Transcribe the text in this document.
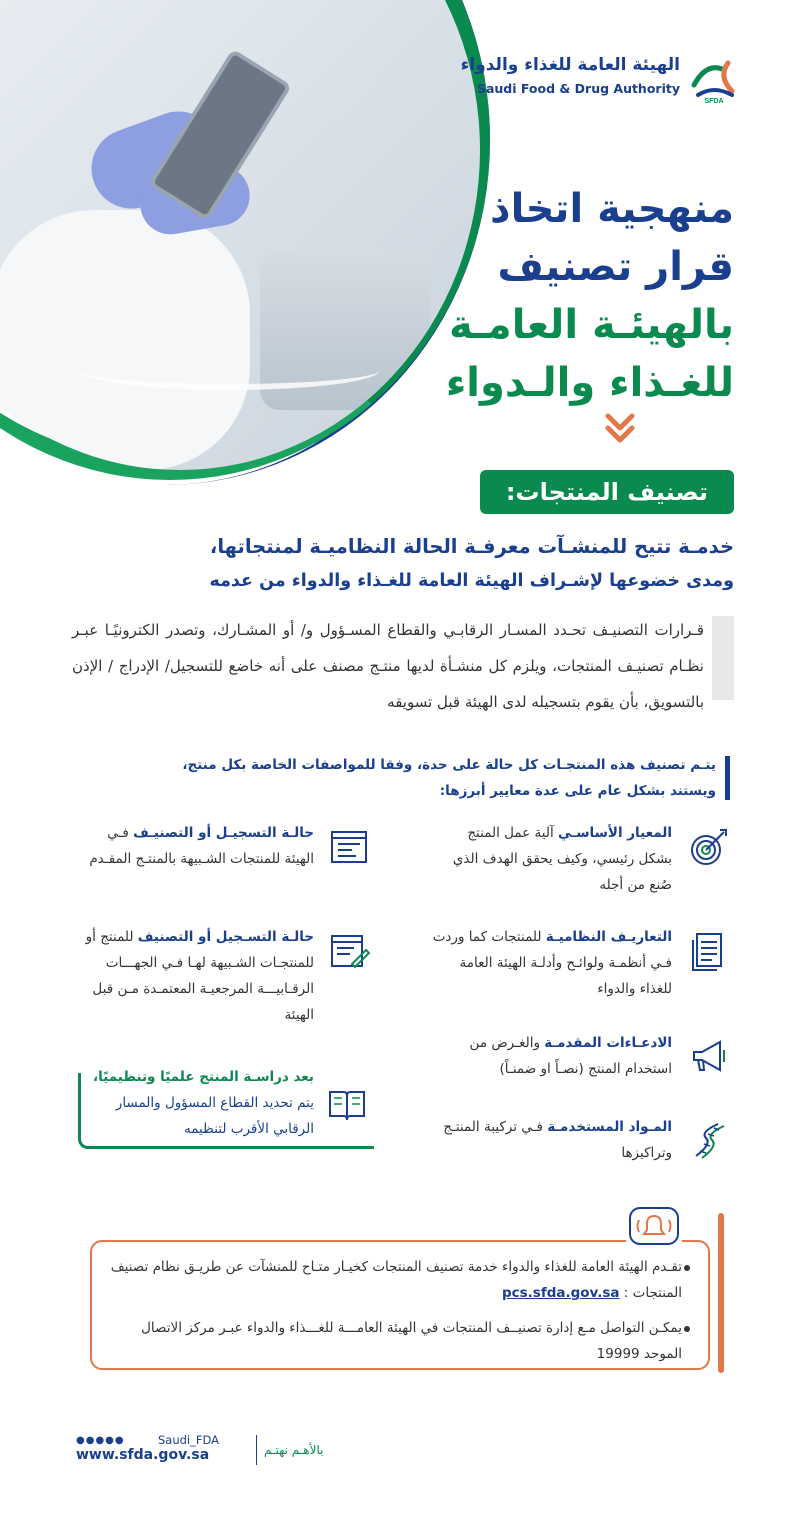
الهيئة العامة للغذاء والدواء
Saudi Food & Drug Authority
SFDA
منهجية اتخاذ
قرار تصنيف
بالهيئـة العامـة
للغـذاء والـدواء
تصنيف المنتجات:
خدمـة تتيح للمنشـآت معرفـة الحالة النظاميـة لمنتجاتها،
ومدى خضوعها لإشـراف الهيئة العامة للغـذاء والدواء من عدمه
قـرارات التصنيـف تحـدد المسـار الرقابـي والقطاع المسـؤول و/ أو المشـارك، وتصدر الكترونيًـا عبـر نظـام تصنيـف المنتجات، ويلزم كل منشـأة لديها منتـج مصنف على أنه خاضع للتسجيل/ الإدراج / الإذن بالتسويق، بأن يقوم بتسجيله لدى الهيئة قبل تسويقه
يتـم تصنيف هذه المنتجـات كل حالة على حدة، وفقا للمواصفات الخاصة بكل منتج،
ويستند بشكل عام على عدة معايير أبرزها:
المعيار الأساسـي آلية عمل المنتج بشكل رئيسي، وكيف يحقق الهدف الذي صُنع من أجله
التعاريـف النظاميـة للمنتجات كما وردت فـي أنظمـة ولوائـح وأدلـة الهيئة العامة للغذاء والدواء
الادعـاءات المقدمـة والغـرض من استخدام المنتج (نصـاً او ضمنـاً)
المـواد المستخدمـة فـي تركيبة المنتـج وتراكيزها
حالـة التسجيـل أو التصنيـف فـي الهيئة للمنتجات الشـبيهة بالمنتـج المقـدم
حالـة التسـجيل أو التصنيف للمنتج أو للمنتجـات الشـبيهة لهـا فـي الجهـــات الرقـابيـــة المرجعيـة المعتمـدة مـن قبل الهيئة
بعد دراسـة المنتج علميًا وتنظيميًا، يتم تحديد القطاع المسؤول والمسار الرقابي الأقرب لتنظيمه
تقـدم الهيئة العامة للغذاء والدواء خدمة تصنيف المنتجات كخيـار متـاح للمنشآت عن طريـق نظام تصنيف المنتجات : pcs.sfda.gov.sa
يمكـن التواصل مـع إدارة تصنيــف المنتجات في الهيئة العامـــة للغـــذاء والدواء عبـر مركز الاتصال الموحد 19999
●●●●●	Saudi_FDA
www.sfda.gov.sa	بالأهـم نهتـم
